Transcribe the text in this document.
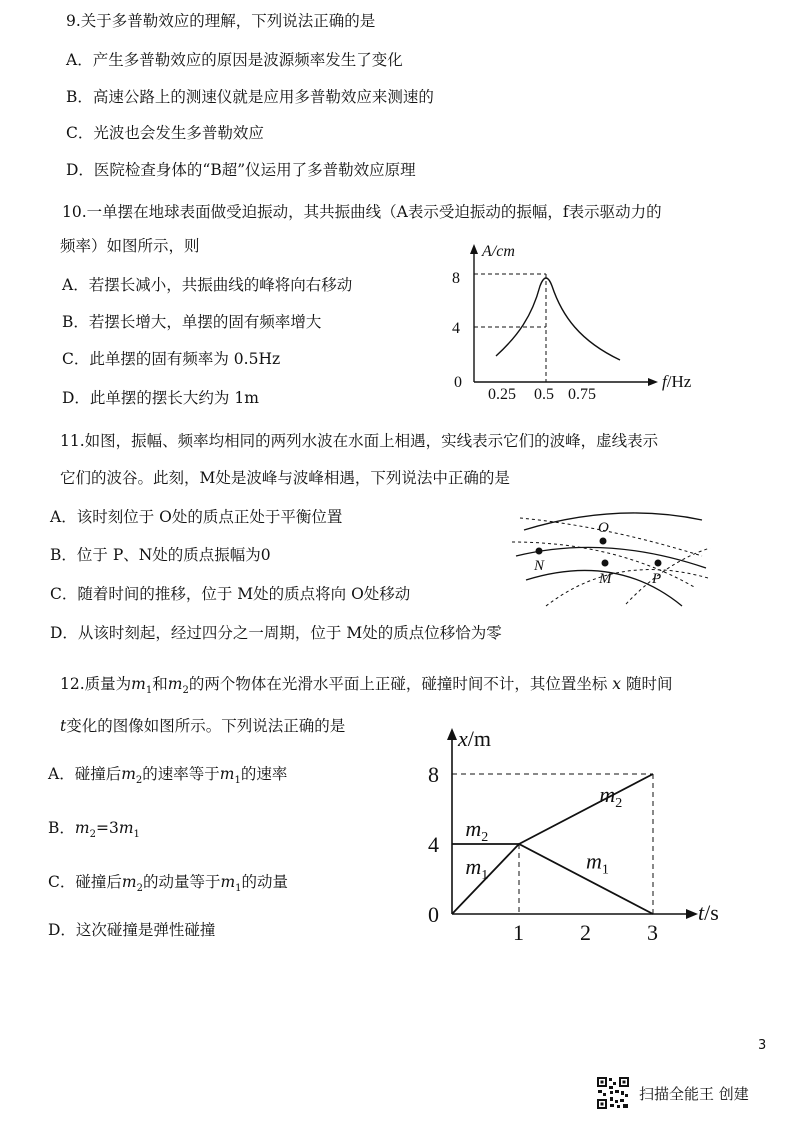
9.关于多普勒效应的理解，下列说法正确的是
A．产生多普勒效应的原因是波源频率发生了变化
B．高速公路上的测速仪就是应用多普勒效应来测速的
C．光波也会发生多普勒效应
D．医院检查身体的“B超”仪运用了多普勒效应原理
10.一单摆在地球表面做受迫振动，其共振曲线（A表示受迫振动的振幅，f表示驱动力的
频率）如图所示，则
A．若摆长减小，共振曲线的峰将向右移动
B．若摆长增大，单摆的固有频率增大
C．此单摆的固有频率为 0.5Hz
D．此单摆的摆长大约为 1m
A/cm
8
4
0
0.25 0.5 0.75
f/Hz
11.如图，振幅、频率均相同的两列水波在水面上相遇，实线表示它们的波峰，虚线表示
它们的波谷。此刻，M处是波峰与波峰相遇，下列说法中正确的是
A．该时刻位于 O处的质点正处于平衡位置
B．位于 P、N处的质点振幅为0
C．随着时间的推移，位于 M处的质点将向 O处移动
D．从该时刻起，经过四分之一周期，位于 M处的质点位移恰为零
O
N
M	P
12.质量为$m_1$和$m_2$的两个物体在光滑水平面上正碰，碰撞时间不计，其位置坐标 x 随时间
t变化的图像如图所示。下列说法正确的是
A．碰撞后$m_2$的速率等于$m_1$的速率
B．$m_2=3m_1$
C．碰撞后$m_2$的动量等于$m_1$的动量
D．这次碰撞是弹性碰撞
x/m
t/s
8
4
0
1	2	3
$m_1$
$m_1$
$m_2$
$m_2$
3
扫描全能王 创建
